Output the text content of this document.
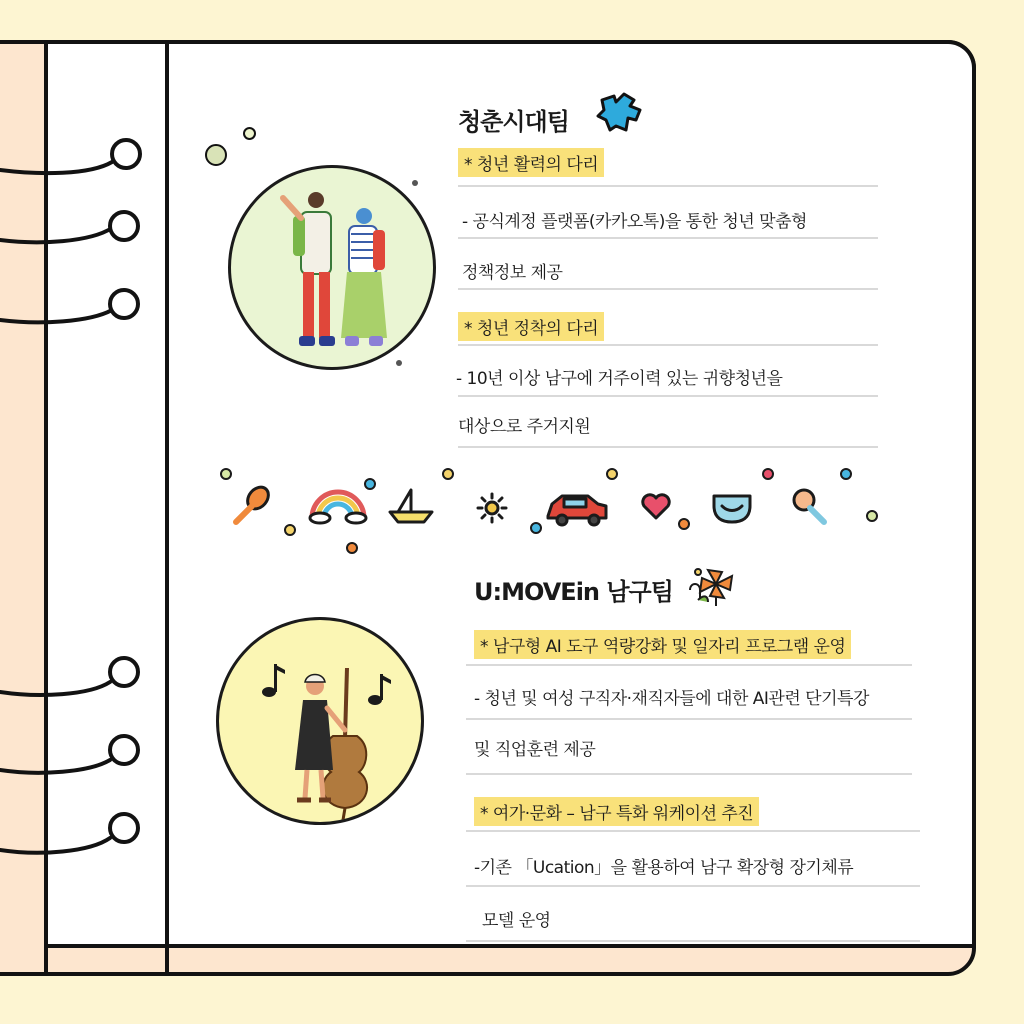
청춘시대팀
* 청년 활력의 다리
- 공식계정 플랫폼(카카오톡)을 통한 청년 맞춤형
정책정보 제공
* 청년 정착의 다리
- 10년 이상 남구에 거주이력 있는 귀향청년을
대상으로 주거지원
U:MOVEin 남구팀
* 남구형 AI 도구 역량강화 및 일자리 프로그램 운영
- 청년 및 여성 구직자·재직자들에 대한 AI관련 단기특강
및 직업훈련 제공
* 여가·문화 – 남구 특화 워케이션 추진
-기존 「Ucation」을 활용하여 남구 확장형 장기체류
모델 운영
